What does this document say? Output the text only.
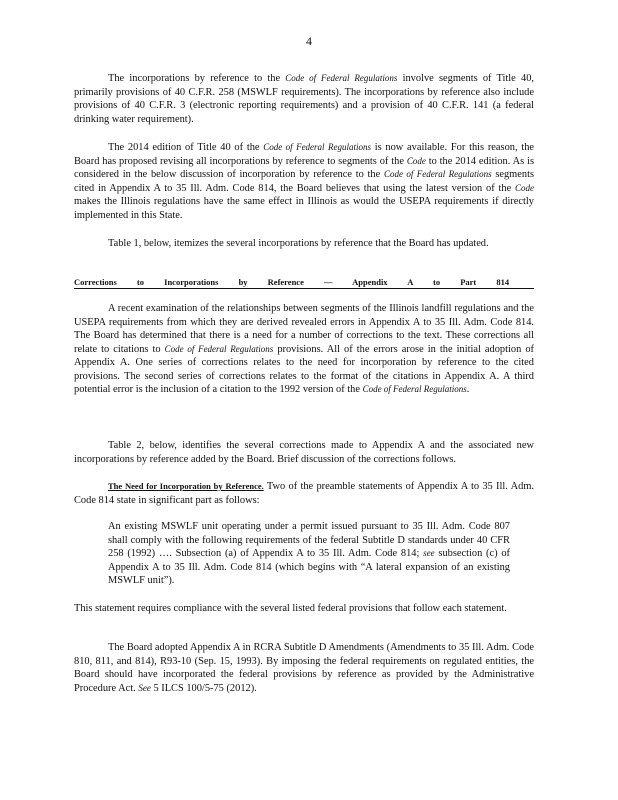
4
The incorporations by reference to the Code of Federal Regulations involve segments of Title 40, primarily provisions of 40 C.F.R. 258 (MSWLF requirements). The incorporations by reference also include provisions of 40 C.F.R. 3 (electronic reporting requirements) and a provision of 40 C.F.R. 141 (a federal drinking water requirement).
The 2014 edition of Title 40 of the Code of Federal Regulations is now available. For this reason, the Board has proposed revising all incorporations by reference to segments of the Code to the 2014 edition. As is considered in the below discussion of incorporation by reference to the Code of Federal Regulations segments cited in Appendix A to 35 Ill. Adm. Code 814, the Board believes that using the latest version of the Code makes the Illinois regulations have the same effect in Illinois as would the USEPA requirements if directly implemented in this State.
Table 1, below, itemizes the several incorporations by reference that the Board has updated.
Corrections to Incorporations by Reference — Appendix A to Part 814
A recent examination of the relationships between segments of the Illinois landfill regulations and the USEPA requirements from which they are derived revealed errors in Appendix A to 35 Ill. Adm. Code 814. The Board has determined that there is a need for a number of corrections to the text. These corrections all relate to citations to Code of Federal Regulations provisions. All of the errors arose in the initial adoption of Appendix A. One series of corrections relates to the need for incorporation by reference to the cited provisions. The second series of corrections relates to the format of the citations in Appendix A. A third potential error is the inclusion of a citation to the 1992 version of the Code of Federal Regulations.
Table 2, below, identifies the several corrections made to Appendix A and the associated new incorporations by reference added by the Board. Brief discussion of the corrections follows.
The Need for Incorporation by Reference. Two of the preamble statements of Appendix A to 35 Ill. Adm. Code 814 state in significant part as follows:
An existing MSWLF unit operating under a permit issued pursuant to 35 Ill. Adm. Code 807 shall comply with the following requirements of the federal Subtitle D standards under 40 CFR 258 (1992) …. Subsection (a) of Appendix A to 35 Ill. Adm. Code 814; see subsection (c) of Appendix A to 35 Ill. Adm. Code 814 (which begins with “A lateral expansion of an existing MSWLF unit”).
This statement requires compliance with the several listed federal provisions that follow each statement.
The Board adopted Appendix A in RCRA Subtitle D Amendments (Amendments to 35 Ill. Adm. Code 810, 811, and 814), R93-10 (Sep. 15, 1993). By imposing the federal requirements on regulated entities, the Board should have incorporated the federal provisions by reference as provided by the Administrative Procedure Act. See 5 ILCS 100/5-75 (2012).
